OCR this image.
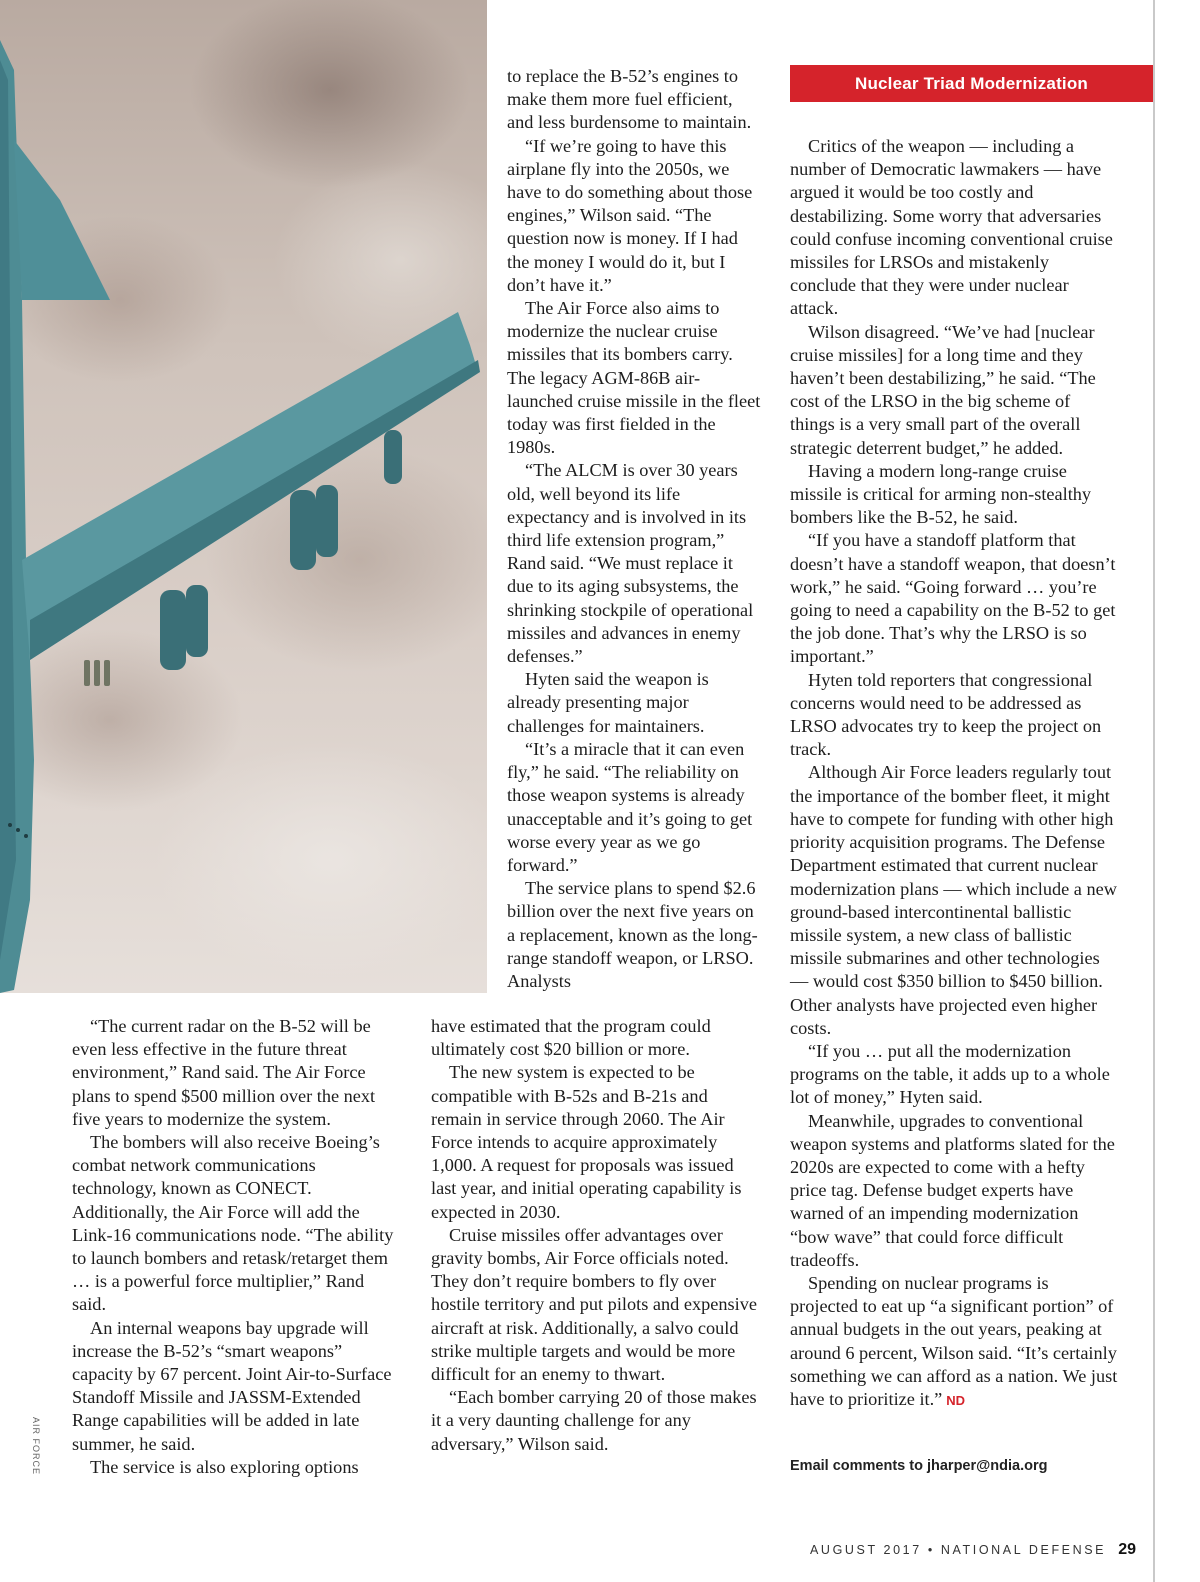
AIR FORCE
Nuclear Triad Modernization

to replace the B-52’s engines to make them more fuel efficient, and less burdensome to maintain.

“If we’re going to have this airplane fly into the 2050s, we have to do something about those engines,” Wilson said. “The question now is money. If I had the money I would do it, but I don’t have it.”

The Air Force also aims to modernize the nuclear cruise missiles that its bombers carry. The legacy AGM-86B air-launched cruise missile in the fleet today was first fielded in the 1980s.

“The ALCM is over 30 years old, well beyond its life expectancy and is involved in its third life extension program,” Rand said. “We must replace it due to its aging subsystems, the shrinking stockpile of operational missiles and advances in enemy defenses.”

Hyten said the weapon is already presenting major challenges for maintainers.

“It’s a miracle that it can even fly,” he said. “The reliability on those weapon systems is already unacceptable and it’s going to get worse every year as we go forward.”

The service plans to spend $2.6 billion over the next five years on a replacement, known as the long-range standoff weapon, or LRSO. Analysts

have estimated that the program could ultimately cost $20 billion or more.

The new system is expected to be compatible with B-52s and B-21s and remain in service through 2060. The Air Force intends to acquire approximately 1,000. A request for proposals was issued last year, and initial operating capability is expected in 2030.

Cruise missiles offer advantages over gravity bombs, Air Force officials noted. They don’t require bombers to fly over hostile territory and put pilots and expensive aircraft at risk. Additionally, a salvo could strike multiple targets and would be more difficult for an enemy to thwart.

“Each bomber carrying 20 of those makes it a very daunting challenge for any adversary,” Wilson said.

“The current radar on the B-52 will be even less effective in the future threat environment,” Rand said. The Air Force plans to spend $500 million over the next five years to modernize the system.

The bombers will also receive Boeing’s combat network communications technology, known as CONECT. Additionally, the Air Force will add the Link-16 communications node. “The ability to launch bombers and retask/retarget them … is a powerful force multiplier,” Rand said.

An internal weapons bay upgrade will increase the B-52’s “smart weapons” capacity by 67 percent. Joint Air-to-Surface Standoff Missile and JASSM-Extended Range capabilities will be added in late summer, he said.

The service is also exploring options

Critics of the weapon — including a number of Democratic lawmakers — have argued it would be too costly and destabilizing. Some worry that adversaries could confuse incoming conventional cruise missiles for LRSOs and mistakenly conclude that they were under nuclear attack.

Wilson disagreed. “We’ve had [nuclear cruise missiles] for a long time and they haven’t been destabilizing,” he said. “The cost of the LRSO in the big scheme of things is a very small part of the overall strategic deterrent budget,” he added.

Having a modern long-range cruise missile is critical for arming non-stealthy bombers like the B-52, he said.

“If you have a standoff platform that doesn’t have a standoff weapon, that doesn’t work,” he said. “Going forward … you’re going to need a capability on the B-52 to get the job done. That’s why the LRSO is so important.”

Hyten told reporters that congressional concerns would need to be addressed as LRSO advocates try to keep the project on track.

Although Air Force leaders regularly tout the importance of the bomber fleet, it might have to compete for funding with other high priority acquisition programs. The Defense Department estimated that current nuclear modernization plans — which include a new ground-based intercontinental ballistic missile system, a new class of ballistic missile submarines and other technologies — would cost $350 billion to $450 billion. Other analysts have projected even higher costs.

“If you … put all the modernization programs on the table, it adds up to a whole lot of money,” Hyten said.

Meanwhile, upgrades to conventional weapon systems and platforms slated for the 2020s are expected to come with a hefty price tag. Defense budget experts have warned of an impending modernization “bow wave” that could force difficult tradeoffs.

Spending on nuclear programs is projected to eat up “a significant portion” of annual budgets in the out years, peaking at around 6 percent, Wilson said. “It’s certainly something we can afford as a nation. We just have to prioritize it.” ND

Email comments to jharper@ndia.org
AUGUST 2017 • NATIONAL DEFENSE 29
